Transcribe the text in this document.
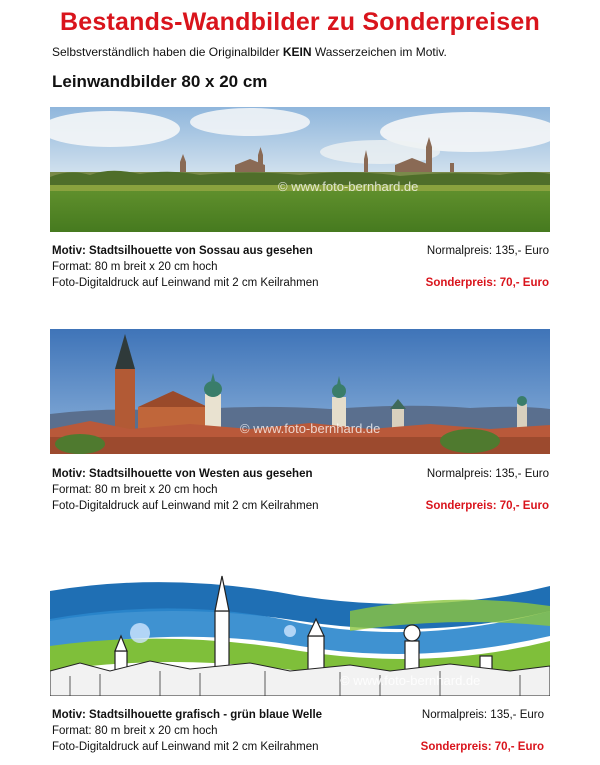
Bestands-Wandbilder zu Sonderpreisen
Selbstverständlich haben die Originalbilder KEIN Wasserzeichen im Motiv.
Leinwandbilder 80 x 20 cm
© www.foto-bernhard.de
Motiv: Stadtsilhouette von Sossau aus gesehen
Format: 80 m breit x 20 cm hoch
Foto-Digitaldruck auf Leinwand mit 2 cm Keilrahmen
Normalpreis: 135,- Euro
Sonderpreis: 70,- Euro
© www.foto-bernhard.de
Motiv: Stadtsilhouette von Westen aus gesehen
Format: 80 m breit x 20 cm hoch
Foto-Digitaldruck auf Leinwand mit 2 cm Keilrahmen
Normalpreis: 135,- Euro
Sonderpreis: 70,- Euro
© www.foto-bernhard.de
Motiv: Stadtsilhouette grafisch - grün blaue Welle
Format: 80 m breit x 20 cm hoch
Foto-Digitaldruck auf Leinwand mit 2 cm Keilrahmen
Normalpreis: 135,- Euro
Sonderpreis: 70,- Euro
